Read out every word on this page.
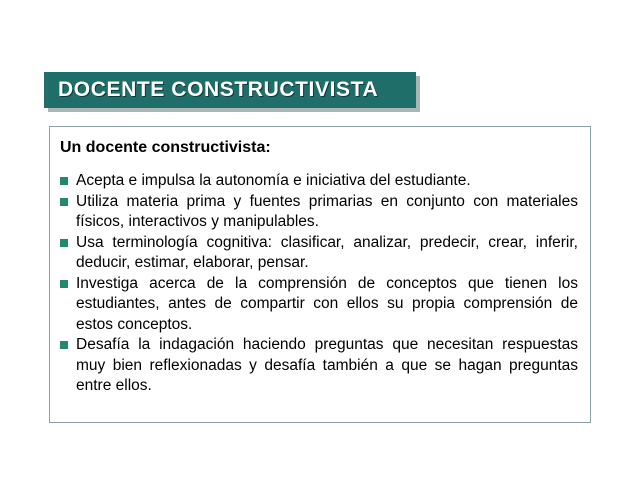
DOCENTE CONSTRUCTIVISTA

Un docente constructivista:

Acepta e impulsa la autonomía e iniciativa del estudiante.
Utiliza materia prima y fuentes primarias en conjunto con materiales físicos, interactivos y manipulables.
Usa terminología cognitiva: clasificar, analizar, predecir, crear, inferir, deducir, estimar, elaborar, pensar.
Investiga acerca de la comprensión de conceptos que tienen los estudiantes, antes de compartir con ellos su propia comprensión de estos conceptos.
Desafía la indagación haciendo preguntas que necesitan respuestas muy bien reflexionadas y desafía también a que se hagan preguntas entre ellos.
